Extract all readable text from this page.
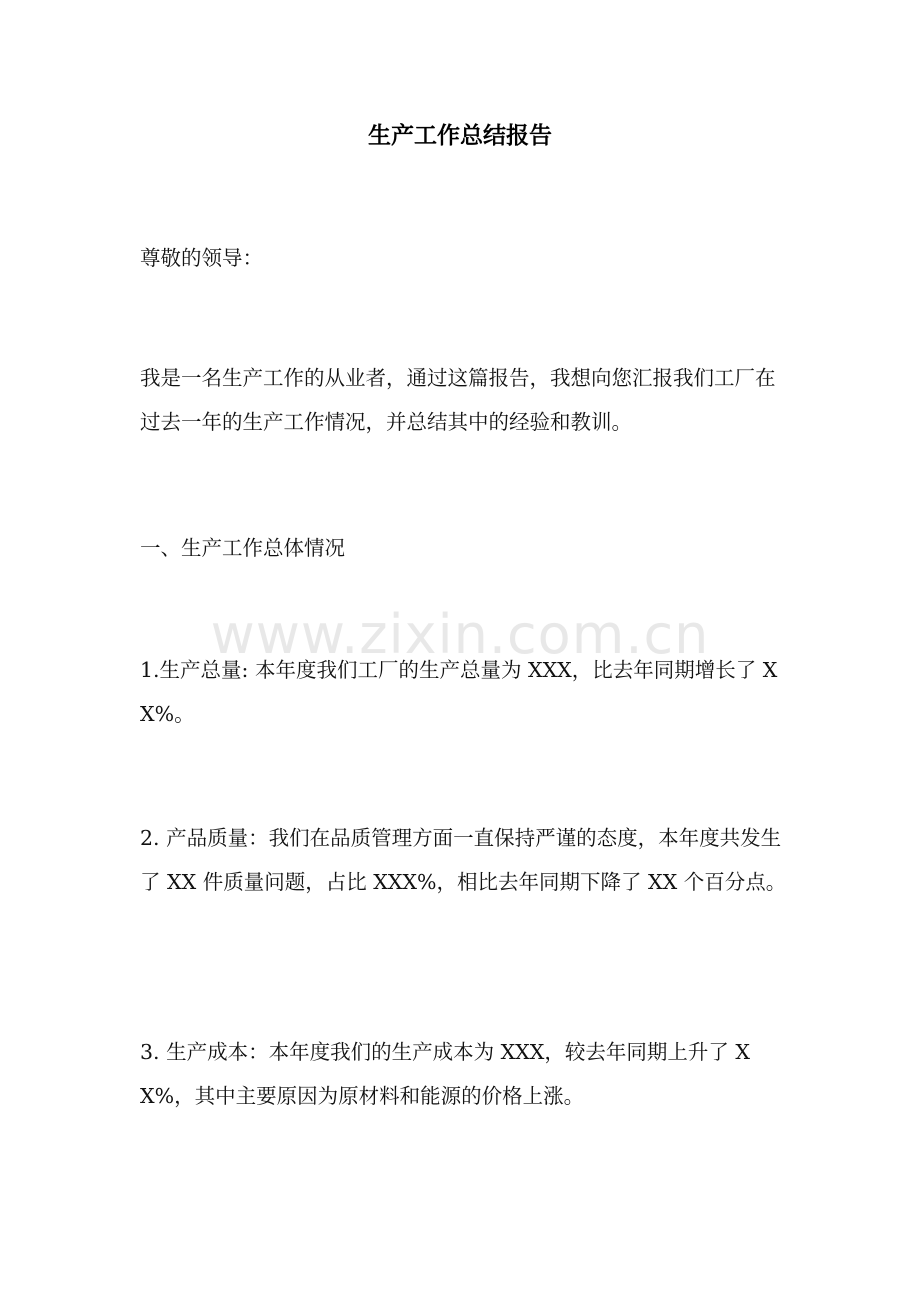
生产工作总结报告

尊敬的领导：

我是一名生产工作的从业者，通过这篇报告，我想向您汇报我们工厂在过去一年的生产工作情况，并总结其中的经验和教训。

一、生产工作总体情况

1.生产总量: 本年度我们工厂的生产总量为 XXX，比去年同期增长了 XX%。

2. 产品质量：我们在品质管理方面一直保持严谨的态度，本年度共发生了 XX 件质量问题，占比 XXX%，相比去年同期下降了 XX 个百分点。

3. 生产成本：本年度我们的生产成本为 XXX，较去年同期上升了 XX%，其中主要原因为原材料和能源的价格上涨。

www.zixin.com.cn
